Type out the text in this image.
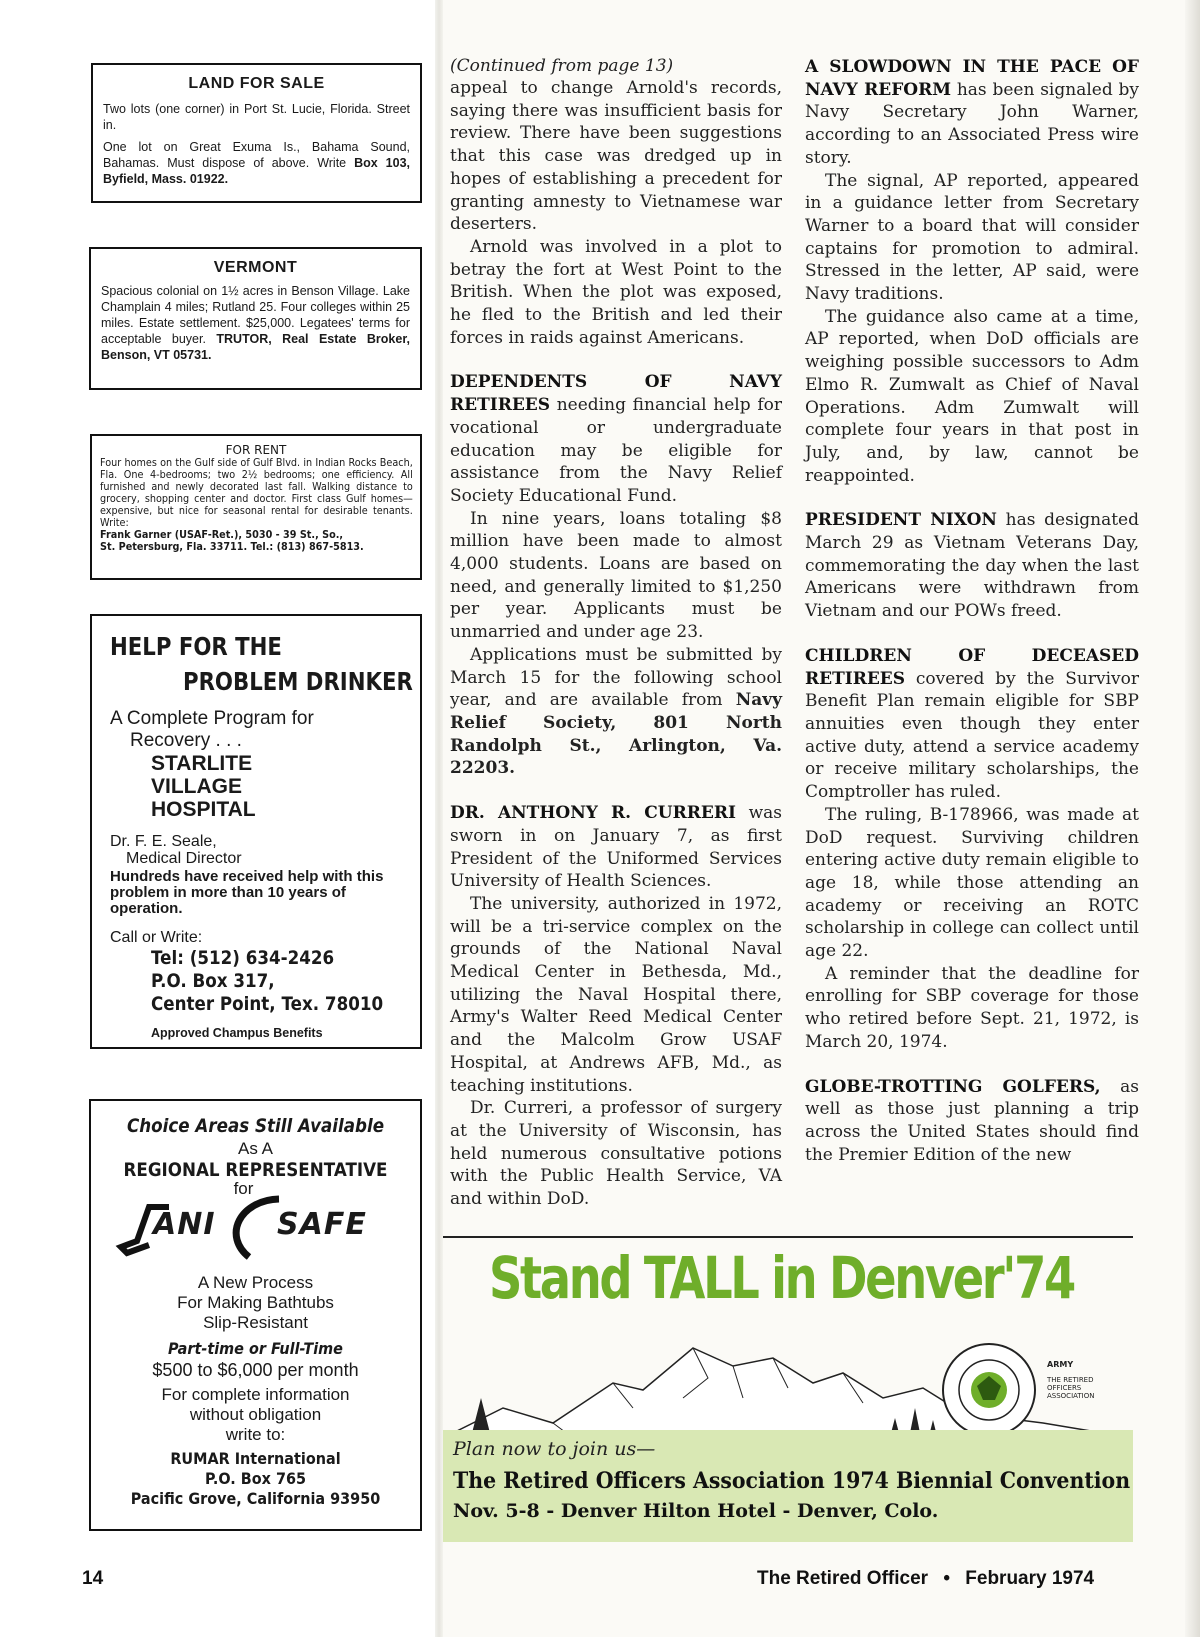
LAND FOR SALE

Two lots (one corner) in Port St. Lucie, Florida. Street in.

One lot on Great Exuma Is., Bahama Sound, Bahamas. Must dispose of above. Write Box 103, Byfield, Mass. 01922.

VERMONT

Spacious colonial on 1½ acres in Benson Village. Lake Champlain 4 miles; Rutland 25. Four colleges within 25 miles. Estate settlement. $25,000. Legatees' terms for acceptable buyer. TRUTOR, Real Estate Broker, Benson, VT 05731.

FOR RENT
Four homes on the Gulf side of Gulf Blvd. in Indian Rocks Beach, Fla. One 4-bedrooms; two 2½ bedrooms; one efficiency. All furnished and newly decorated last fall. Walking distance to grocery, shopping center and doctor. First class Gulf homes—expensive, but nice for seasonal rental for desirable tenants. Write:
Frank Garner (USAF-Ret.), 5030 - 39 St., So.,
St. Petersburg, Fla. 33711. Tel.: (813) 867-5813.
HELP FOR THE
PROBLEM DRINKER
A Complete Program for
Recovery . . .
STARLITE
VILLAGE
HOSPITAL
Dr. F. E. Seale,
Medical Director
Hundreds have received help with this problem in more than 10 years of operation.
Call or Write:
Tel: (512) 634-2426
P.O. Box 317,
Center Point, Tex. 78010
Approved Champus Benefits
Choice Areas Still Available
As A
REGIONAL REPRESENTATIVE
for
ANI SAFE
A New Process
For Making Bathtubs
Slip-Resistant
Part-time or Full-Time
$500 to $6,000 per month
For complete information
without obligation
write to:
RUMAR International
P.O. Box 765
Pacific Grove, California 93950

(Continued from page 13)

appeal to change Arnold's records, saying there was insufficient basis for review. There have been suggestions that this case was dredged up in hopes of establishing a precedent for granting amnesty to Vietnamese war deserters.

Arnold was involved in a plot to betray the fort at West Point to the British. When the plot was exposed, he fled to the British and led their forces in raids against Americans.

DEPENDENTS OF NAVY RETIREES needing financial help for vocational or undergraduate education may be eligible for assistance from the Navy Relief Society Educational Fund.

In nine years, loans totaling $8 million have been made to almost 4,000 students. Loans are based on need, and generally limited to $1,250 per year. Applicants must be unmarried and under age 23.

Applications must be submitted by March 15 for the following school year, and are available from Navy Relief Society, 801 North Randolph St., Arlington, Va. 22203.

DR. ANTHONY R. CURRERI was sworn in on January 7, as first President of the Uniformed Services University of Health Sciences.

The university, authorized in 1972, will be a tri-service complex on the grounds of the National Naval Medical Center in Bethesda, Md., utilizing the Naval Hospital there, Army's Walter Reed Medical Center and the Malcolm Grow USAF Hospital, at Andrews AFB, Md., as teaching institutions.

Dr. Curreri, a professor of surgery at the University of Wisconsin, has held numerous consultative potions with the Public Health Service, VA and within DoD.

A SLOWDOWN IN THE PACE OF NAVY REFORM has been signaled by Navy Secretary John Warner, according to an Associated Press wire story.

The signal, AP reported, appeared in a guidance letter from Secretary Warner to a board that will consider captains for promotion to admiral. Stressed in the letter, AP said, were Navy traditions.

The guidance also came at a time, AP reported, when DoD officials are weighing possible successors to Adm Elmo R. Zumwalt as Chief of Naval Operations. Adm Zumwalt will complete four years in that post in July, and, by law, cannot be reappointed.

PRESIDENT NIXON has designated March 29 as Vietnam Veterans Day, commemorating the day when the last Americans were withdrawn from Vietnam and our POWs freed.

CHILDREN OF DECEASED RETIREES covered by the Survivor Benefit Plan remain eligible for SBP annuities even though they enter active duty, attend a service academy or receive military scholarships, the Comptroller has ruled.

The ruling, B-178966, was made at DoD request. Surviving children entering active duty remain eligible to age 18, while those attending an academy or receiving an ROTC scholarship in college can collect until age 22.

A reminder that the deadline for enrolling for SBP coverage for those who retired before Sept. 21, 1972, is March 20, 1974.

GLOBE-TROTTING GOLFERS, as well as those just planning a trip across the United States should find the Premier Edition of the new

Stand TALL in Denver'74
THE RETIRED OFFICERS ASSOCIATION
ARMY
Plan now to join us—
The Retired Officers Association 1974 Biennial Convention
Nov. 5-8 - Denver Hilton Hotel - Denver, Colo.
14	The Retired Officer • February 1974
